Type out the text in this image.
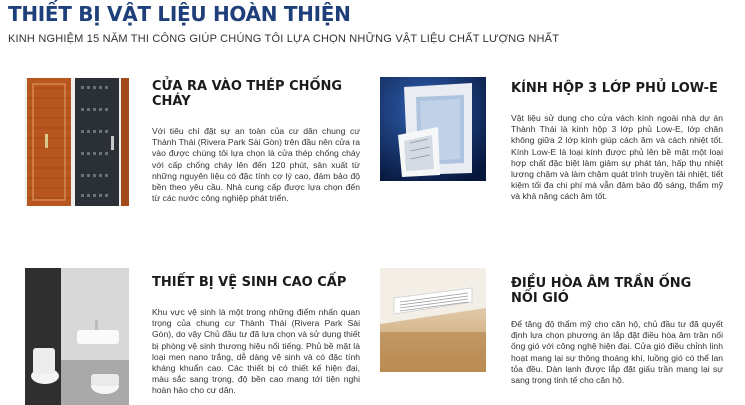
THIẾT BỊ VẬT LIỆU HOÀN THIỆN
KINH NGHIỆM 15 NĂM THI CÔNG GIÚP CHÚNG TÔI LỰA CHỌN NHỮNG VẬT LIỆU CHẤT LƯỢNG NHẤT
CỬA RA VÀO THÉP CHỐNG CHÁY
Với tiêu chí đặt sự an toàn của cư dân chung cư Thành Thái (Rivera Park Sài Gòn) trên đầu nên cửa ra vào được chúng tôi lựa chọn là cửa thép chống cháy với cấp chống cháy lên đến 120 phút, sản xuất từ những nguyên liệu có đặc tính cơ lý cao, đảm bảo độ bền theo yêu cầu. Nhà cung cấp được lựa chọn đến từ các nước công nghiệp phát triển.
KÍNH HỘP 3 LỚP PHỦ LOW-E
Vật liệu sử dụng cho cửa vách kính ngoài nhà dự án Thành Thái là kính hộp 3 lớp phủ Low-E, lớp chân không giữa 2 lớp kính giúp cách âm và cách nhiệt tốt. Kính Low-E là loại kính được phủ lên bề mặt một loại hợp chất đặc biệt làm giảm sự phát tán, hấp thụ nhiệt lượng chậm và làm chậm quát trình truyền tải nhiệt, tiết kiệm tối đa chi phí mà vẫn đảm bảo độ sáng, thẩm mỹ và khả năng cách âm tốt.
THIẾT BỊ VỆ SINH CAO CẤP
Khu vực vệ sinh là một trong những điểm nhấn quan trọng của chung cư Thành Thái (Rivera Park Sài Gòn), do vậy Chủ đầu tư đã lựa chọn và sử dụng thiết bị phòng vệ sinh thương hiệu nổi tiếng. Phủ bề mặt là loại men nano trắng, dễ dàng vệ sinh và có đặc tính kháng khuẩn cao. Các thiết bị có thiết kế hiện đại, màu sắc sang trọng, độ bền cao mang tới tiện nghi hoàn hảo cho cư dân.
ĐIỀU HÒA ÂM TRẦN ỐNG NỐI GIÓ
Để tăng độ thẩm mỹ cho căn hộ, chủ đầu tư đã quyết định lựa chọn phương án lắp đặt điều hòa âm trần nối ống gió với công nghệ hiện đại. Cửa gió điều chỉnh linh hoạt mang lại sự thông thoáng khí, luồng gió có thể lan tỏa đều. Dàn lạnh được lắp đặt giấu trần mang lại sự sang trọng tinh tế cho căn hộ.
